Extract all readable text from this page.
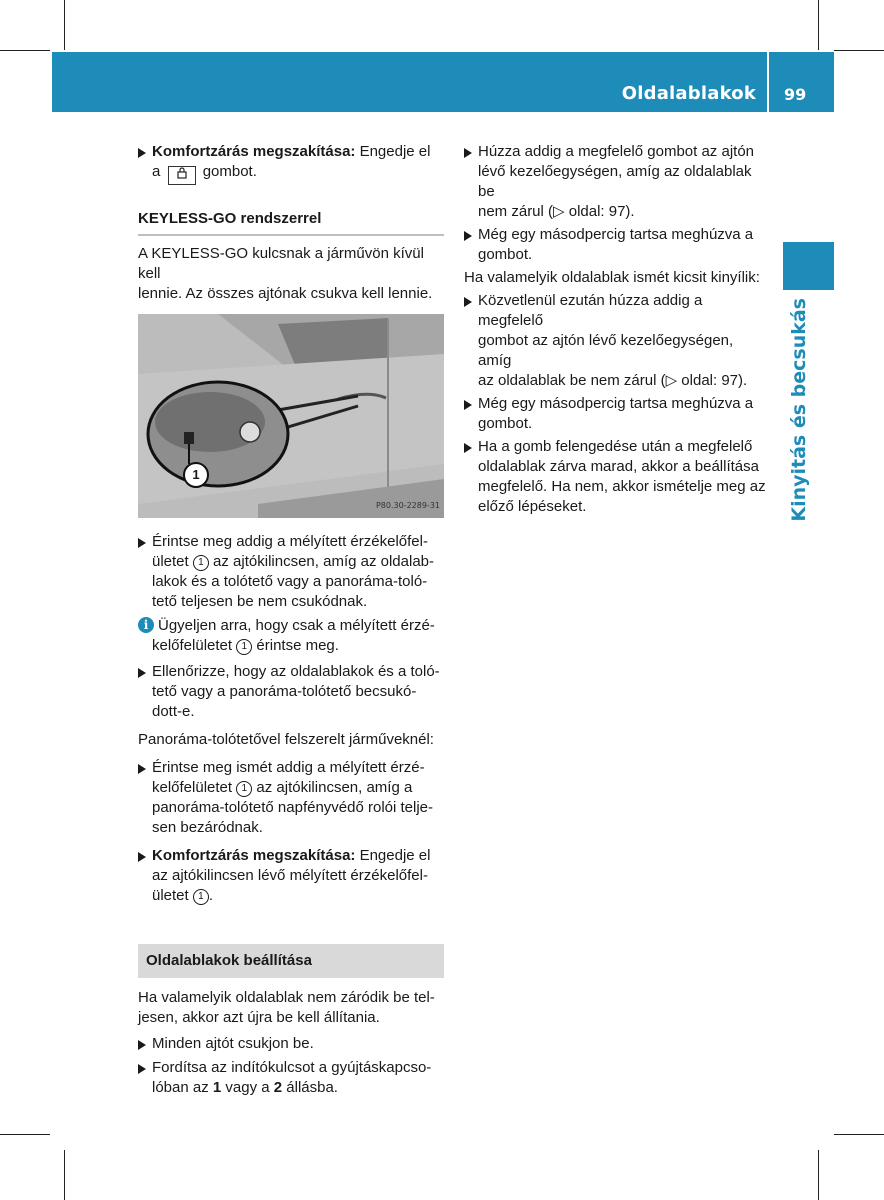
Oldalablakok 99
Kinyitás és becsukás

Komfortzárás megszakítása: Engedje el

a	gombot.

KEYLESS-GO rendszerrel

A KEYLESS-GO kulcsnak a járművön kívül kell
lennie. Az összes ajtónak csukva kell lennie.

1
P80.30-2289-31

Érintse meg addig a mélyített érzékelőfel-

ületet 1 az ajtókilincsen, amíg az oldalab-

lakok és a tolótető vagy a panoráma-toló-

tető teljesen be nem csukódnak.

i Ügyeljen arra, hogy csak a mélyített érzé-

kelőfelületet 1 érintse meg.

Ellenőrizze, hogy az oldalablakok és a toló-

tető vagy a panoráma-tolótető becsukó-

dott-e.

Panoráma-tolótetővel felszerelt járműveknél:

Érintse meg ismét addig a mélyített érzé-

kelőfelületet 1 az ajtókilincsen, amíg a

panoráma-tolótető napfényvédő rolói telje-

sen bezáródnak.

Komfortzárás megszakítása: Engedje el

az ajtókilincsen lévő mélyített érzékelőfel-

ületet 1 .

Oldalablakok beállítása

Ha valamelyik oldalablak nem záródik be tel-
jesen, akkor azt újra be kell állítania.

Minden ajtót csukjon be.

Fordítsa az indítókulcsot a gyújtáskapcso-

lóban az 1 vagy a 2 állásba.

Húzza addig a megfelelő gombot az ajtón

lévő kezelőegységen, amíg az oldalablak be

nem zárul (▷ oldal: 97).

Még egy másodpercig tartsa meghúzva a

gombot.

Ha valamelyik oldalablak ismét kicsit kinyílik:

Közvetlenül ezután húzza addig a megfelelő

gombot az ajtón lévő kezelőegységen, amíg

az oldalablak be nem zárul (▷ oldal: 97).

Még egy másodpercig tartsa meghúzva a

gombot.

Ha a gomb felengedése után a megfelelő

oldalablak zárva marad, akkor a beállítása

megfelelő. Ha nem, akkor ismételje meg az

előző lépéseket.
